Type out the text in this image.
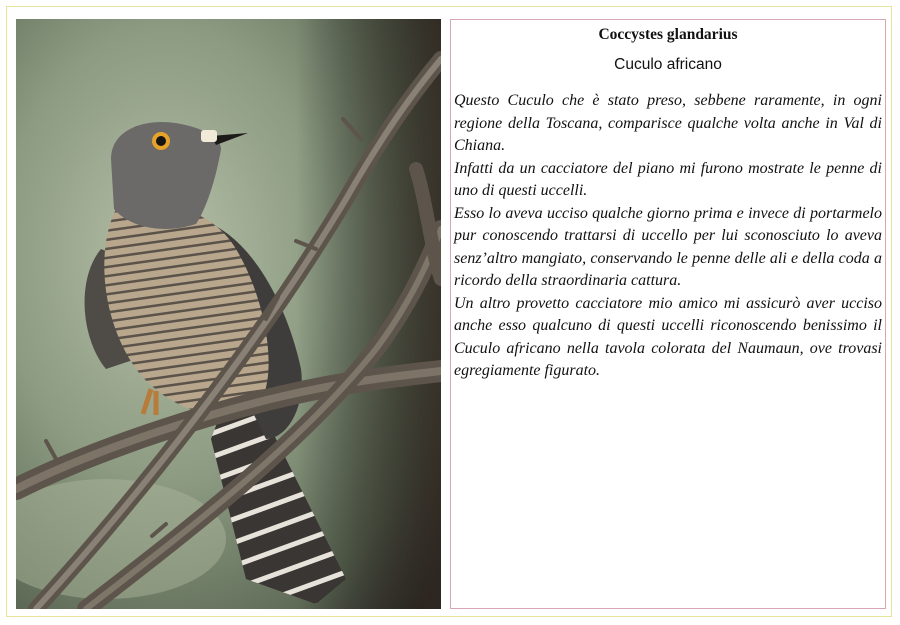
Coccystes glandarius
Cuculo africano

Questo Cuculo che è stato preso, sebbene raramente, in ogni regione della Toscana, comparisce qualche volta anche in Val di Chiana.

Infatti da un cacciatore del piano mi furono mostrate le penne di uno di questi uccelli.

Esso lo aveva ucciso qualche giorno prima e invece di portarmelo pur conoscendo trattarsi di uccello per lui sconosciuto lo aveva senz’altro mangiato, conservando le penne delle ali e della coda a ricordo della straordinaria cattura.

Un altro provetto cacciatore mio amico mi assicurò aver ucciso anche esso qualcuno di questi uccelli riconoscendo benissimo il Cuculo africano nella tavola colorata del Naumaun, ove trovasi egregiamente figurato.
